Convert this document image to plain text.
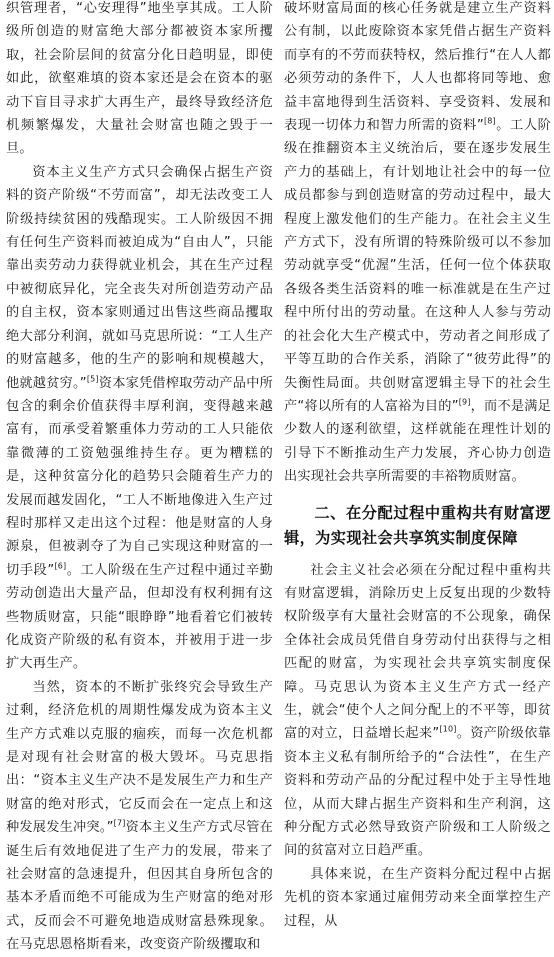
织管理者，“心安理得”地坐享其成。工人阶级所创造的财富绝大部分都被资本家所攫取，社会阶层间的贫富分化日趋明显，即使如此，欲壑难填的资本家还是会在资本的驱动下盲目寻求扩大再生产，最终导致经济危机频繁爆发，大量社会财富也随之毁于一旦。

资本主义生产方式只会确保占据生产资料的资产阶级“不劳而富”，却无法改变工人阶级持续贫困的残酷现实。工人阶级因不拥有任何生产资料而被迫成为“自由人”，只能靠出卖劳动力获得就业机会，其在生产过程中被彻底异化，完全丧失对所创造劳动产品的自主权，资本家则通过出售这些商品攫取绝大部分利润，就如马克思所说：“工人生产的财富越多，他的生产的影响和规模越大，他就越贫穷。”[5]资本家凭借榨取劳动产品中所包含的剩余价值获得丰厚利润，变得越来越富有，而承受着繁重体力劳动的工人只能依靠微薄的工资勉强维持生存。更为糟糕的是，这种贫富分化的趋势只会随着生产力的发展而越发固化，“工人不断地像进入生产过程时那样又走出这个过程：他是财富的人身源泉，但被剥夺了为自己实现这种财富的一切手段”[6]。工人阶级在生产过程中通过辛勤劳动创造出大量产品，但却没有权利拥有这些物质财富，只能“眼睁睁”地看着它们被转化成资产阶级的私有资本，并被用于进一步扩大再生产。

当然，资本的不断扩张终究会导致生产过剩，经济危机的周期性爆发成为资本主义生产方式难以克服的痼疾，而每一次危机都是对现有社会财富的极大毁坏。马克思指出：“资本主义生产决不是发展生产力和生产财富的绝对形式，它反而会在一定点上和这种发展发生冲突。”[7]资本主义生产方式尽管在诞生后有效地促进了生产力的发展，带来了社会财富的急速提升，但因其自身所包含的基本矛盾而绝不可能成为生产财富的绝对形式，反而会不可避免地造成财富悬殊现象。在马克思恩格斯看来，改变资产阶级攫取和

破坏财富局面的核心任务就是建立生产资料公有制，以此废除资本家凭借占据生产资料而享有的不劳而获特权，然后推行“在人人都必须劳动的条件下，人人也都将同等地、愈益丰富地得到生活资料、享受资料、发展和表现一切体力和智力所需的资料”[8]。工人阶级在推翻资本主义统治后，要在逐步发展生产力的基础上，有计划地让社会中的每一位成员都参与到创造财富的劳动过程中，最大程度上激发他们的生产能力。在社会主义生产方式下，没有所谓的特殊阶级可以不参加劳动就享受“优渥”生活，任何一位个体获取各级各类生活资料的唯一标准就是在生产过程中所付出的劳动量。在这种人人参与劳动的社会化大生产模式中，劳动者之间形成了平等互助的合作关系，消除了“彼劳此得”的失衡性局面。共创财富逻辑主导下的社会生产“将以所有的人富裕为目的”[9]，而不是满足少数人的逐利欲望，这样就能在理性计划的引导下不断推动生产力发展，齐心协力创造出实现社会共享所需要的丰裕物质财富。

二、在分配过程中重构共有财富逻辑，为实现社会共享筑实制度保障

社会主义社会必须在分配过程中重构共有财富逻辑，消除历史上反复出现的少数特权阶级享有大量社会财富的不公现象，确保全体社会成员凭借自身劳动付出获得与之相匹配的财富，为实现社会共享筑实制度保障。马克思认为资本主义生产方式一经产生，就会“使个人之间分配上的不平等，即贫富的对立，日益增长起来”[10]。资产阶级依靠资本主义私有制所给予的“合法性”，在生产资料和劳动产品的分配过程中处于主导性地位，从而大肆占据生产资料和生产利润，这种分配方式必然导致资产阶级和工人阶级之间的贫富对立日趋严重。

具体来说，在生产资料分配过程中占据先机的资本家通过雇佣劳动来全面掌控生产过程，从
